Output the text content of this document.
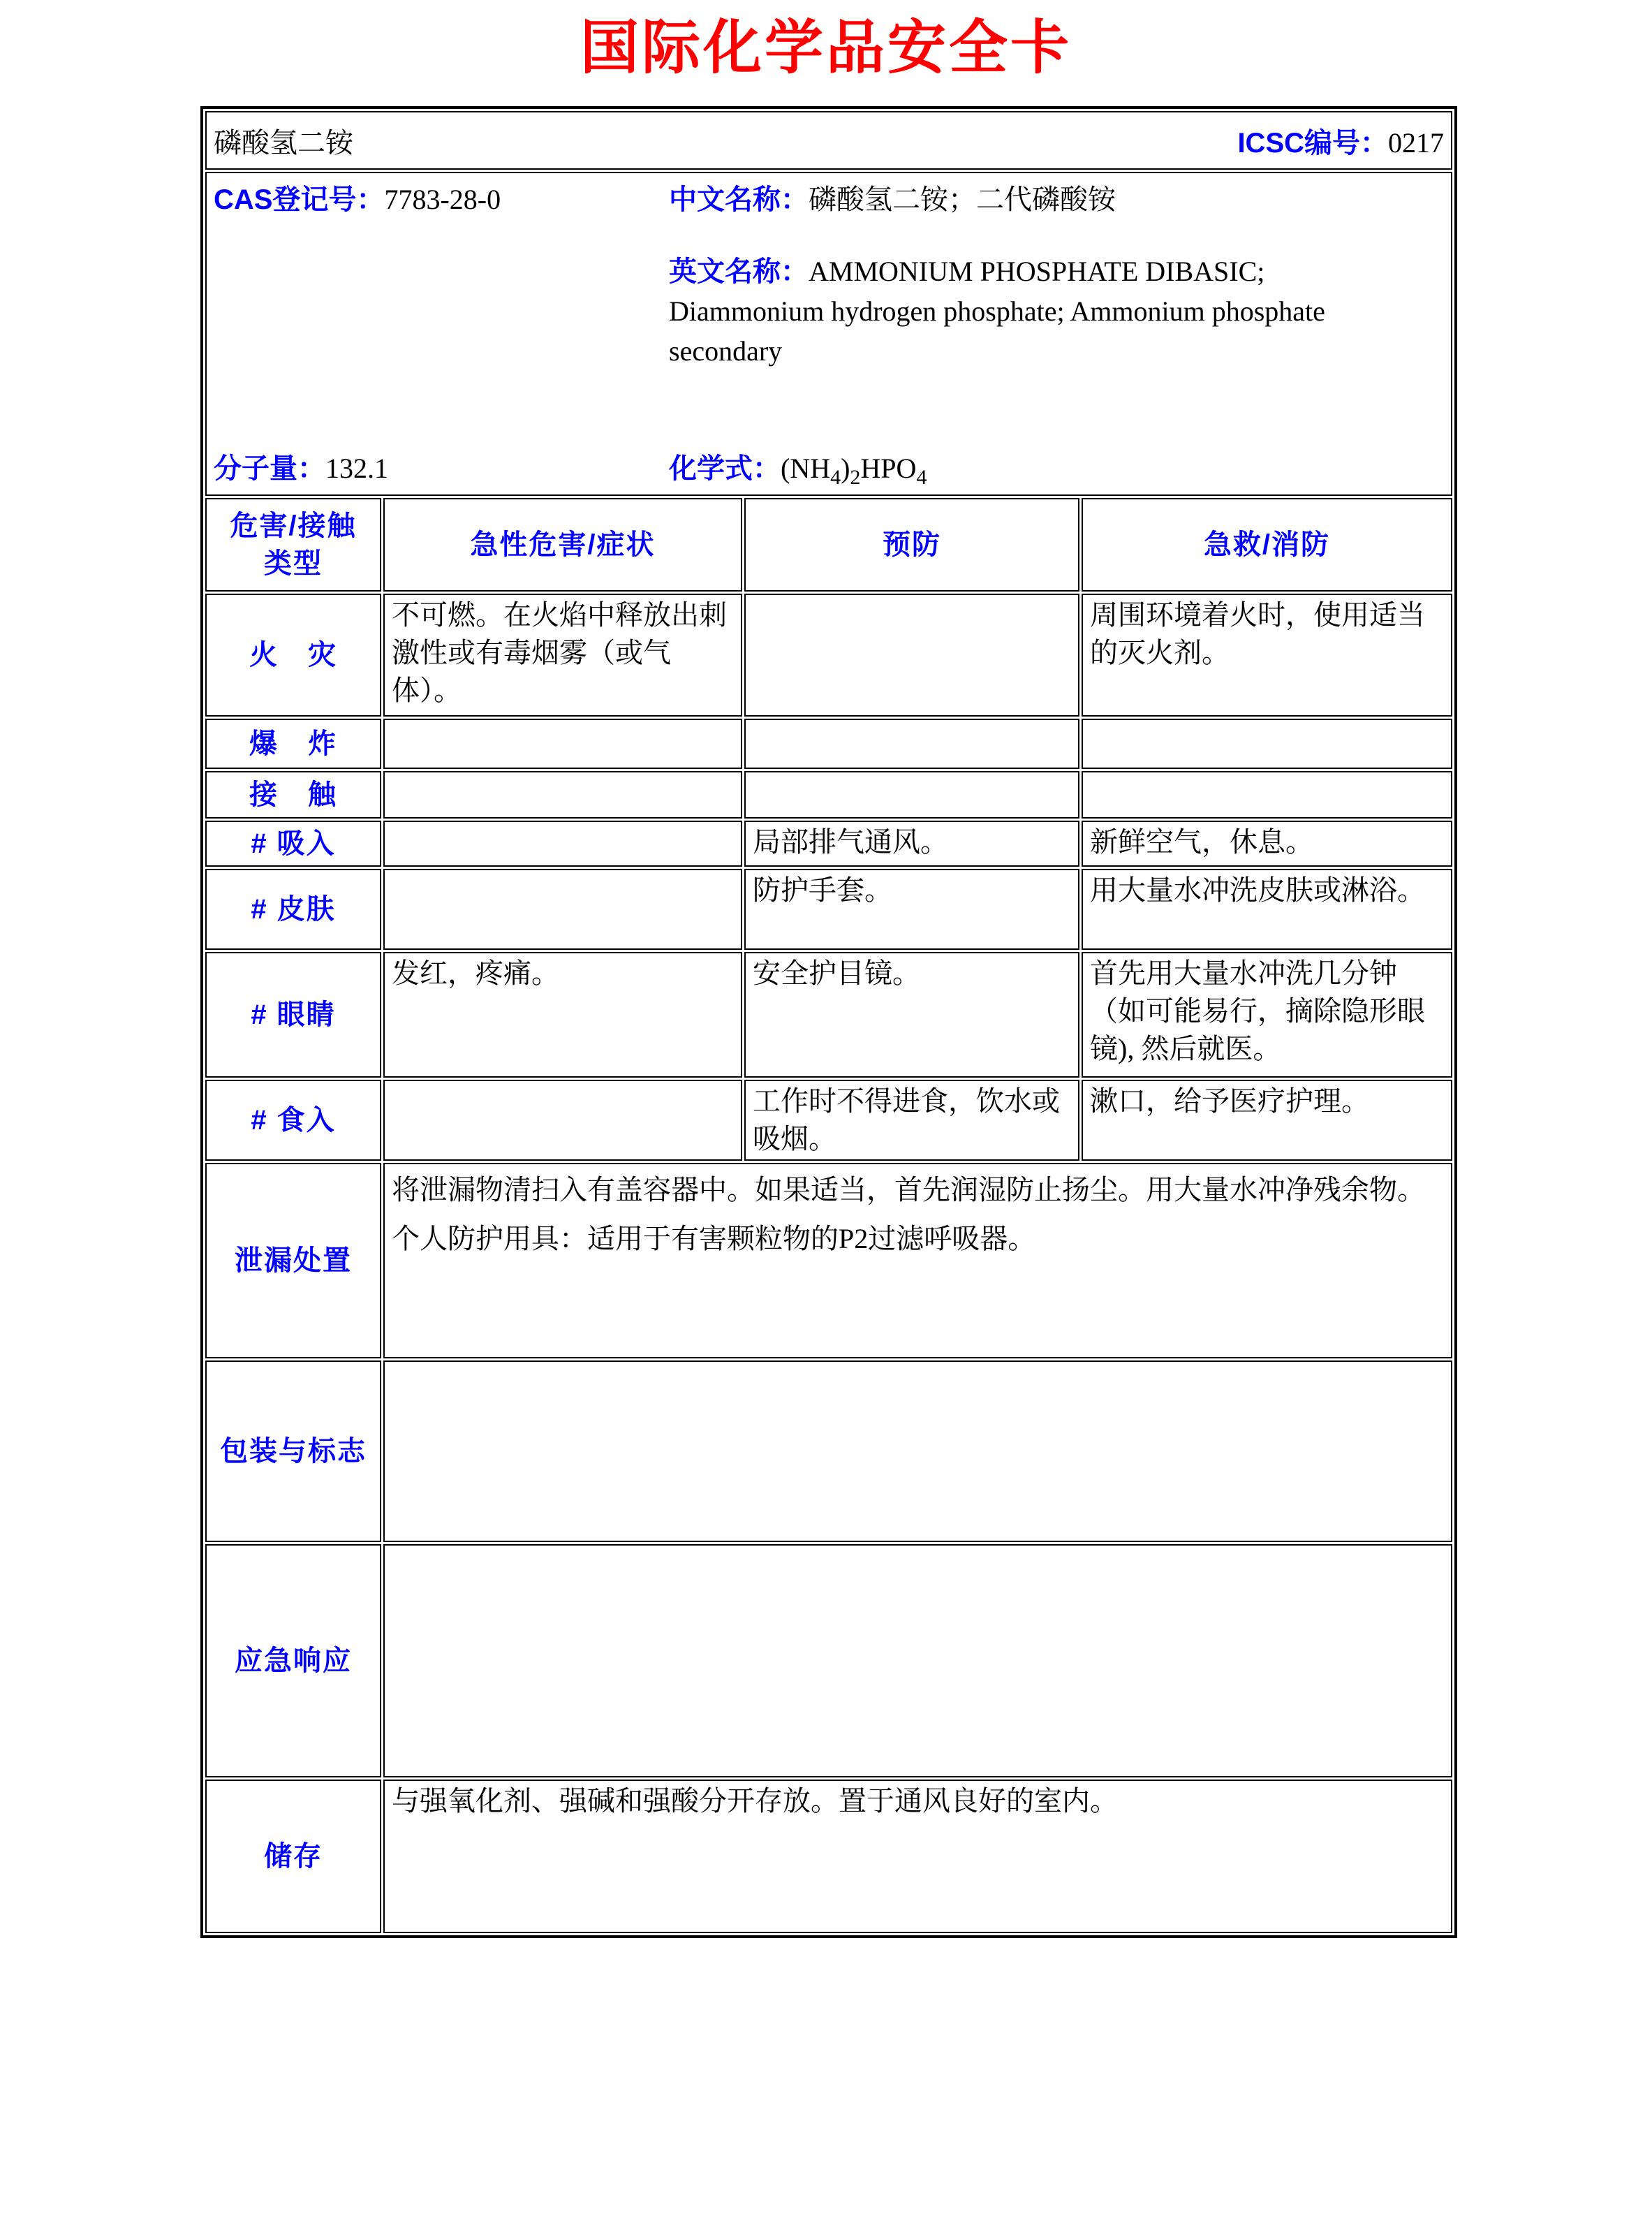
国际化学品安全卡
磷酸氢二铵 ICSC编号：0217			

CAS登记号：7783-28-0 中文名称：磷酸氢二铵；二代磷酸铵
英文名称：AMMONIUM PHOSPHATE DIBASIC; Diammonium hydrogen phosphate; Ammonium phosphate secondary
分子量：132.1 化学式：$(NH_4)_2HPO_4$

危害/接触
类型	急性危害/症状	预防	急救/消防
火　灾	不可燃。在火焰中释放出刺激性或有毒烟雾（或气体）。		周围环境着火时，使用适当的灭火剂。
爆　炸			
接　触			
# 吸入		局部排气通风。	新鲜空气，休息。
# 皮肤		防护手套。	用大量水冲洗皮肤或淋浴。
# 眼睛	发红，疼痛。	安全护目镜。	首先用大量水冲洗几分钟（如可能易行，摘除隐形眼镜), 然后就医。
# 食入		工作时不得进食，饮水或吸烟。	漱口，给予医疗护理。
泄漏处置	将泄漏物清扫入有盖容器中。如果适当，首先润湿防止扬尘。用大量水冲净残余物。个人防护用具：适用于有害颗粒物的P2过滤呼吸器。		
包装与标志			
应急响应			
储存	与强氧化剂、强碱和强酸分开存放。置于通风良好的室内。		
